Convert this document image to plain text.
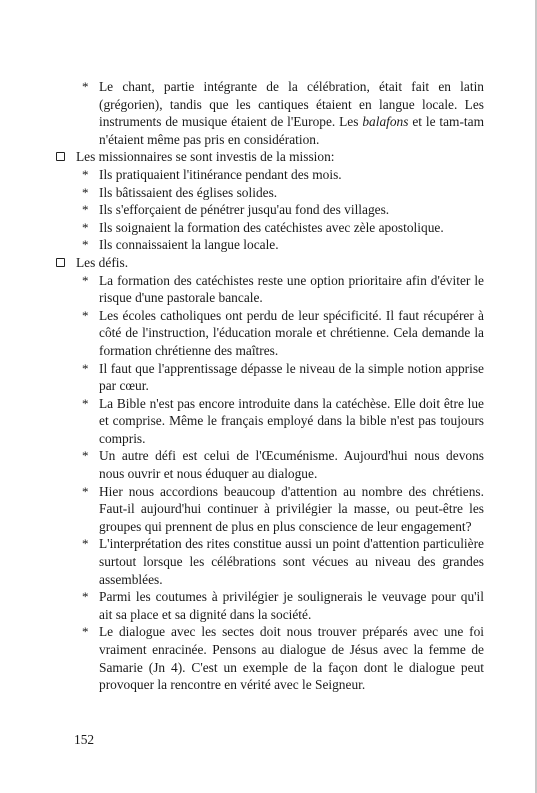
* Le chant, partie intégrante de la célébration, était fait en latin (grégorien), tandis que les cantiques étaient en langue locale. Les instruments de musique étaient de l'Europe. Les balafons et le tam-tam n'étaient même pas pris en considération.
Les missionnaires se sont investis de la mission:
* Ils pratiquaient l'itinérance pendant des mois.
* Ils bâtissaient des églises solides.
* Ils s'efforçaient de pénétrer jusqu'au fond des villages.
* Ils soignaient la formation des catéchistes avec zèle apostolique.
* Ils connaissaient la langue locale.
Les défis.
* La formation des catéchistes reste une option prioritaire afin d'éviter le risque d'une pastorale bancale.
* Les écoles catholiques ont perdu de leur spécificité. Il faut récupérer à côté de l'instruction, l'éducation morale et chrétienne. Cela demande la formation chrétienne des maîtres.
* Il faut que l'apprentissage dépasse le niveau de la simple notion apprise par cœur.
* La Bible n'est pas encore introduite dans la catéchèse. Elle doit être lue et comprise. Même le français employé dans la bible n'est pas toujours compris.
* Un autre défi est celui de l'Œcuménisme. Aujourd'hui nous devons nous ouvrir et nous éduquer au dialogue.
* Hier nous accordions beaucoup d'attention au nombre des chrétiens. Faut-il aujourd'hui continuer à privilégier la masse, ou peut-être les groupes qui prennent de plus en plus conscience de leur engagement?
* L'interprétation des rites constitue aussi un point d'attention particulière surtout lorsque les célébrations sont vécues au niveau des grandes assemblées.
* Parmi les coutumes à privilégier je soulignerais le veuvage pour qu'il ait sa place et sa dignité dans la société.
* Le dialogue avec les sectes doit nous trouver préparés avec une foi vraiment enracinée. Pensons au dialogue de Jésus avec la femme de Samarie (Jn 4). C'est un exemple de la façon dont le dialogue peut provoquer la rencontre en vérité avec le Seigneur.
152
